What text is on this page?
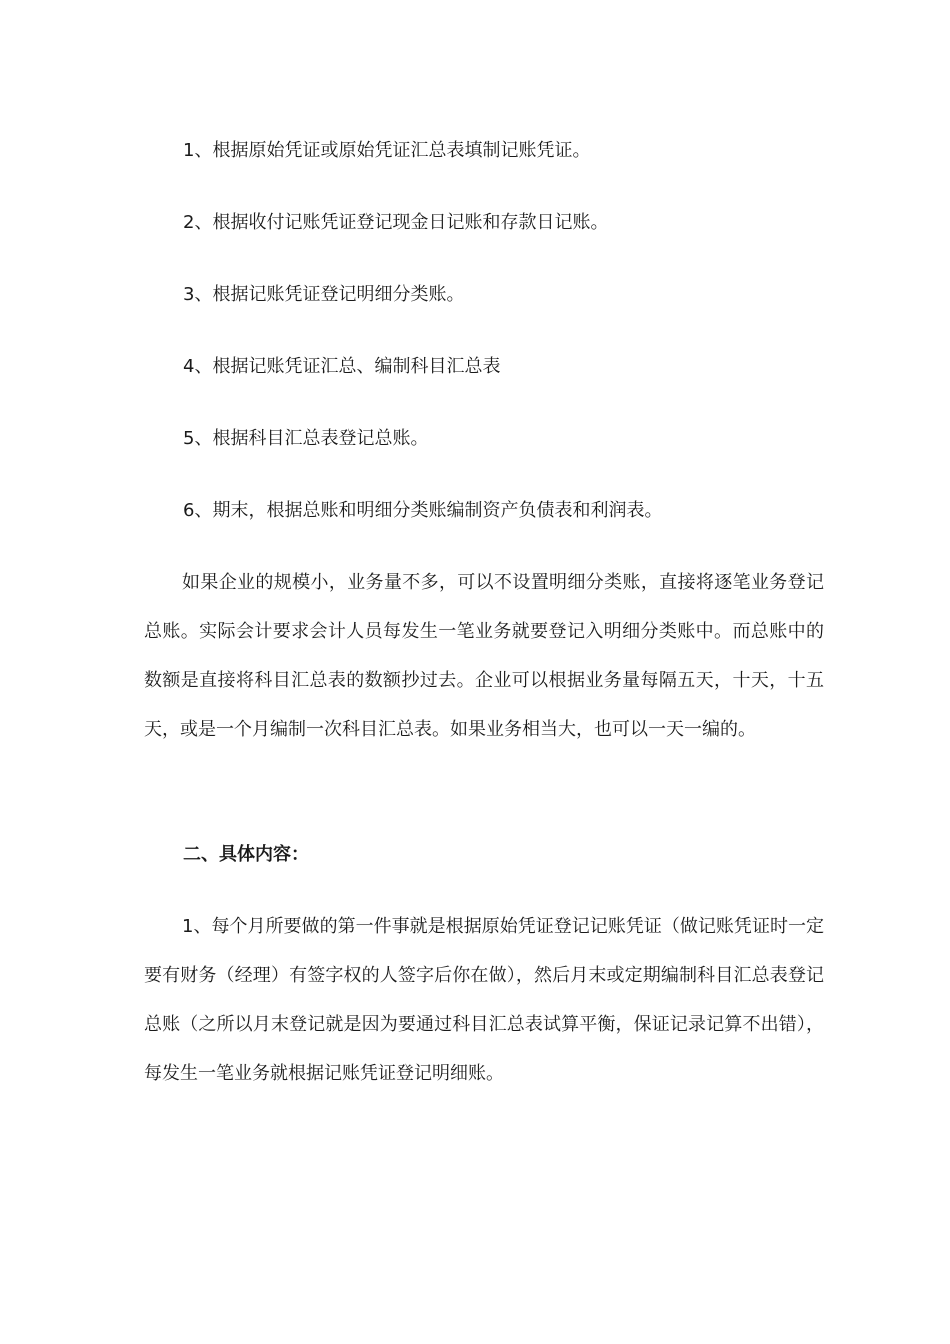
1、根据原始凭证或原始凭证汇总表填制记账凭证。
2、根据收付记账凭证登记现金日记账和存款日记账。
3、根据记账凭证登记明细分类账。
4、根据记账凭证汇总、编制科目汇总表
5、根据科目汇总表登记总账。
6、期末，根据总账和明细分类账编制资产负债表和利润表。
如果企业的规模小，业务量不多，可以不设置明细分类账，直接将逐笔业务登记总账。实际会计要求会计人员每发生一笔业务就要登记入明细分类账中。而总账中的数额是直接将科目汇总表的数额抄过去。企业可以根据业务量每隔五天，十天，十五天，或是一个月编制一次科目汇总表。如果业务相当大，也可以一天一编的。
二、具体内容：
1、每个月所要做的第一件事就是根据原始凭证登记记账凭证（做记账凭证时一定要有财务（经理）有签字权的人签字后你在做），然后月末或定期编制科目汇总表登记总账（之所以月末登记就是因为要通过科目汇总表试算平衡，保证记录记算不出错），每发生一笔业务就根据记账凭证登记明细账。
